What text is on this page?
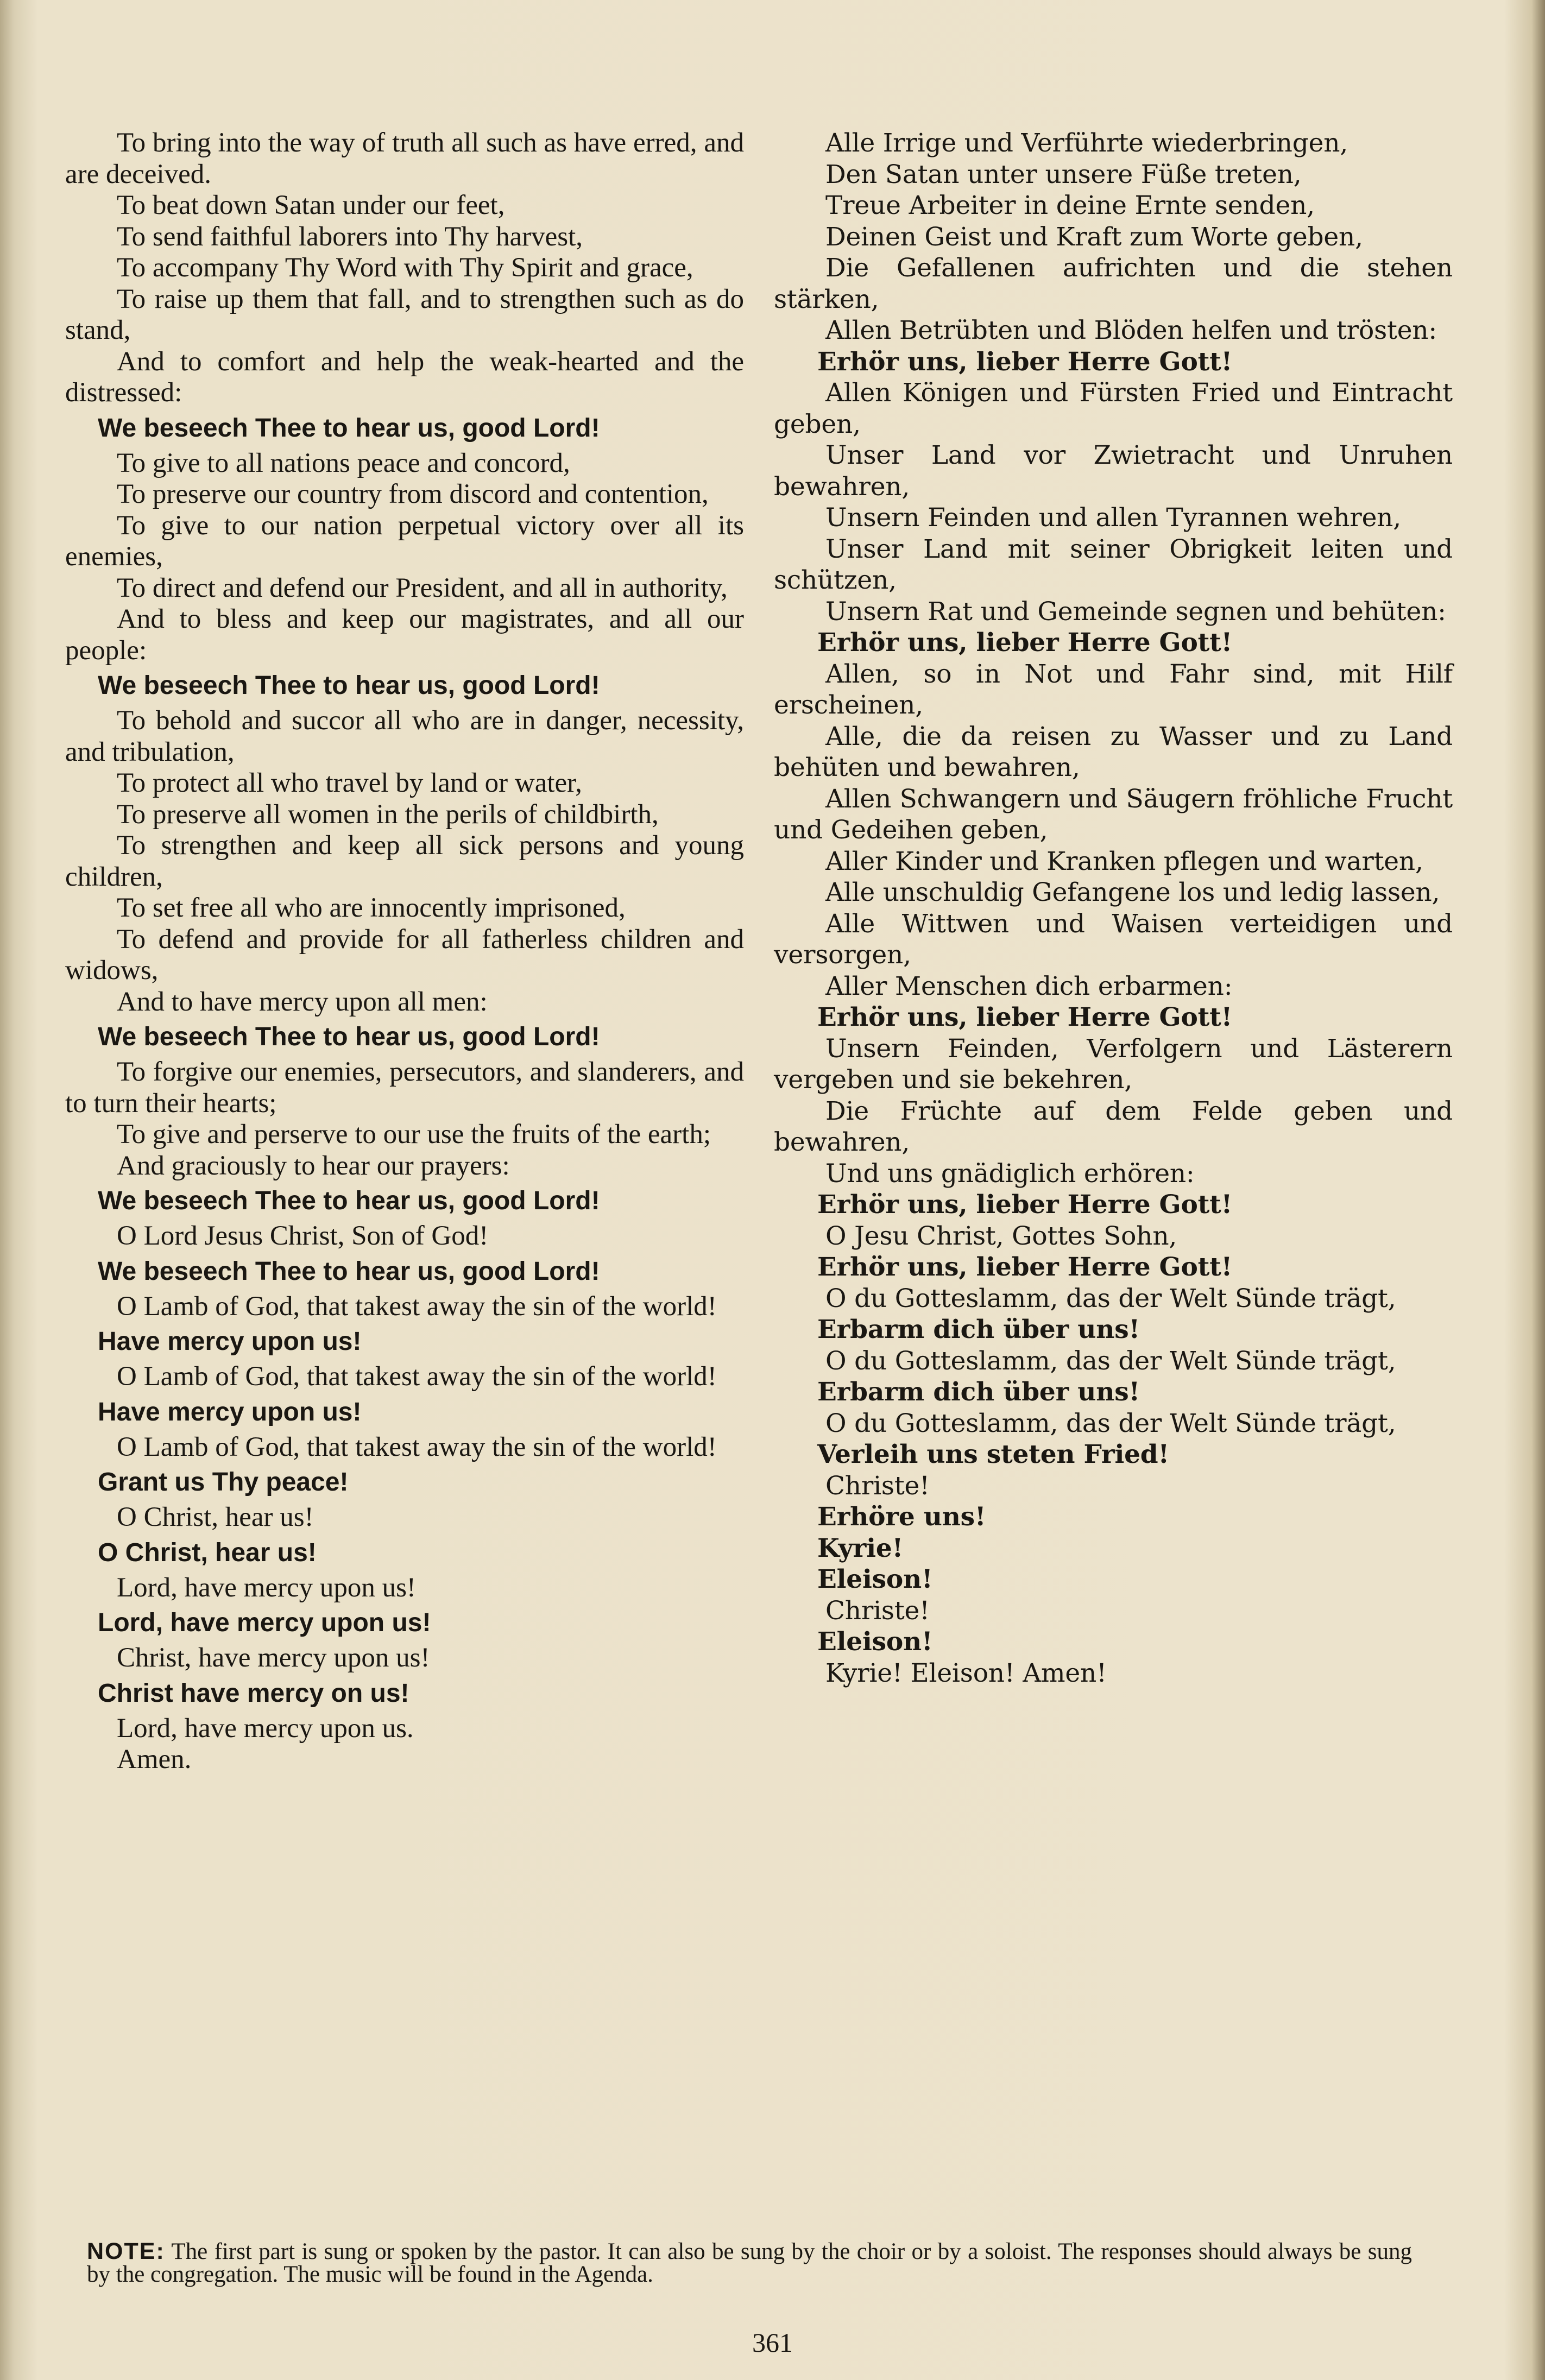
To bring into the way of truth all such as have erred, and are deceived.

To beat down Satan under our feet,

To send faithful laborers into Thy harvest,

To accompany Thy Word with Thy Spirit and grace,

To raise up them that fall, and to strengthen such as do stand,

And to comfort and help the weak-hearted and the distressed:

We beseech Thee to hear us, good Lord!

To give to all nations peace and concord,

To preserve our country from discord and contention,

To give to our nation perpetual victory over all its enemies,

To direct and defend our President, and all in authority,

And to bless and keep our magistrates, and all our people:

We beseech Thee to hear us, good Lord!

To behold and succor all who are in danger, necessity, and tribulation,

To protect all who travel by land or water,

To preserve all women in the perils of childbirth,

To strengthen and keep all sick persons and young children,

To set free all who are innocently imprisoned,

To defend and provide for all fatherless children and widows,

And to have mercy upon all men:

We beseech Thee to hear us, good Lord!

To forgive our enemies, persecutors, and slanderers, and to turn their hearts;

To give and perserve to our use the fruits of the earth;

And graciously to hear our prayers:

We beseech Thee to hear us, good Lord!

O Lord Jesus Christ, Son of God!

We beseech Thee to hear us, good Lord!

O Lamb of God, that takest away the sin of the world!

Have mercy upon us!

O Lamb of God, that takest away the sin of the world!

Have mercy upon us!

O Lamb of God, that takest away the sin of the world!

Grant us Thy peace!

O Christ, hear us!

O Christ, hear us!

Lord, have mercy upon us!

Lord, have mercy upon us!

Christ, have mercy upon us!

Christ have mercy on us!

Lord, have mercy upon us.

Amen.

Alle Irrige und Verführte wiederbringen,

Den Satan unter unsere Füße treten,

Treue Arbeiter in deine Ernte senden,

Deinen Geist und Kraft zum Worte geben,

Die Gefallenen aufrichten und die stehen stärken,

Allen Betrübten und Blöden helfen und trösten:

Erhör uns, lieber Herre Gott!

Allen Königen und Fürsten Fried und Eintracht geben,

Unser Land vor Zwietracht und Unruhen bewahren,

Unsern Feinden und allen Tyrannen wehren,

Unser Land mit seiner Obrigkeit leiten und schützen,

Unsern Rat und Gemeinde segnen und behüten:

Erhör uns, lieber Herre Gott!

Allen, so in Not und Fahr sind, mit Hilf erscheinen,

Alle, die da reisen zu Wasser und zu Land behüten und bewahren,

Allen Schwangern und Säugern fröhliche Frucht und Gedeihen geben,

Aller Kinder und Kranken pflegen und warten,

Alle unschuldig Gefangene los und ledig lassen,

Alle Wittwen und Waisen verteidigen und versorgen,

Aller Menschen dich erbarmen:

Erhör uns, lieber Herre Gott!

Unsern Feinden, Verfolgern und Lästerern vergeben und sie bekehren,

Die Früchte auf dem Felde geben und bewahren,

Und uns gnädiglich erhören:

Erhör uns, lieber Herre Gott!

O Jesu Christ, Gottes Sohn,

Erhör uns, lieber Herre Gott!

O du Gotteslamm, das der Welt Sünde trägt,

Erbarm dich über uns!

O du Gotteslamm, das der Welt Sünde trägt,

Erbarm dich über uns!

O du Gotteslamm, das der Welt Sünde trägt,

Verleih uns steten Fried!

Christe!

Erhöre uns!

Kyrie!

Eleison!

Christe!

Eleison!

Kyrie! Eleison! Amen!

NOTE: The first part is sung or spoken by the pastor. It can also be sung by the choir or by a soloist. The responses should always be sung by the congregation. The music will be found in the Agenda.
361
